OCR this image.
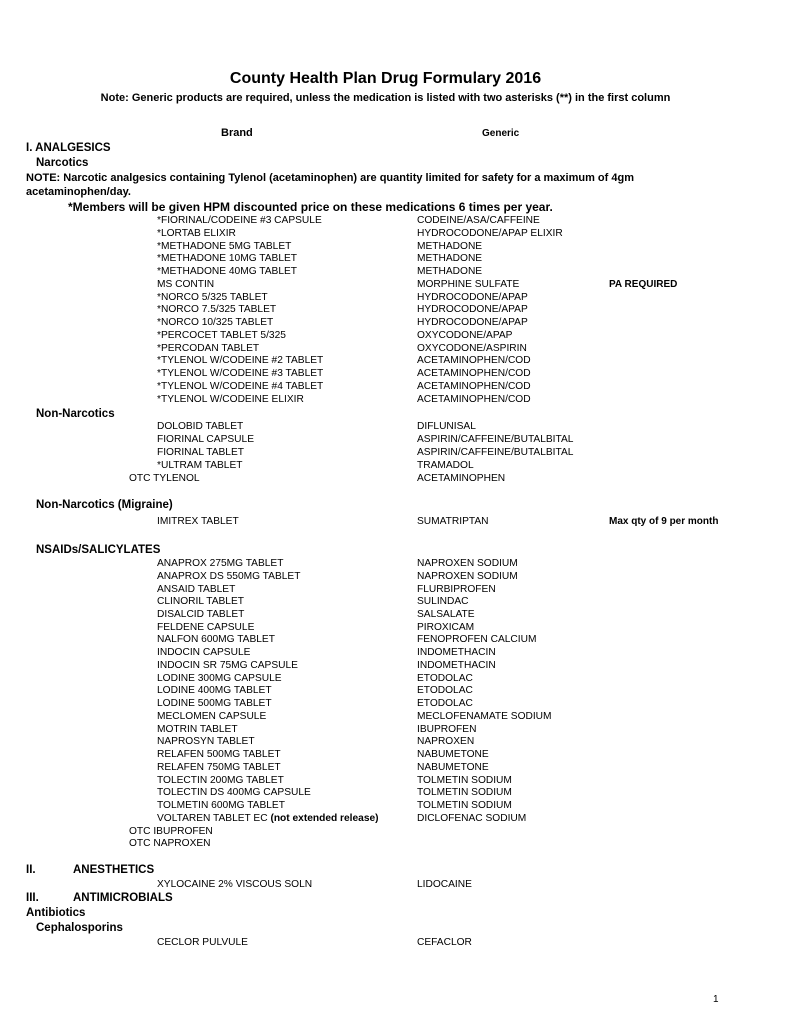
County Health Plan Drug Formulary 2016
Note: Generic products are required, unless the medication is listed with two asterisks (**) in the first column
Brand	Generic
I. ANALGESICS
Narcotics
NOTE: Narcotic analgesics containing Tylenol (acetaminophen) are quantity limited for safety for a maximum of 4gm acetaminophen/day.
*Members will be given HPM discounted price on these medications 6 times per year.
*FIORINAL/CODEINE #3 CAPSULE	CODEINE/ASA/CAFFEINE
*LORTAB ELIXIR	HYDROCODONE/APAP ELIXIR
*METHADONE 5MG TABLET	METHADONE
*METHADONE 10MG TABLET	METHADONE
*METHADONE 40MG TABLET	METHADONE
MS CONTIN	MORPHINE SULFATE	PA REQUIRED
*NORCO 5/325 TABLET	HYDROCODONE/APAP
*NORCO 7.5/325 TABLET	HYDROCODONE/APAP
*NORCO 10/325 TABLET	HYDROCODONE/APAP
*PERCOCET TABLET 5/325	OXYCODONE/APAP
*PERCODAN TABLET	OXYCODONE/ASPIRIN
*TYLENOL W/CODEINE #2 TABLET	ACETAMINOPHEN/COD
*TYLENOL W/CODEINE #3 TABLET	ACETAMINOPHEN/COD
*TYLENOL W/CODEINE #4 TABLET	ACETAMINOPHEN/COD
*TYLENOL W/CODEINE ELIXIR	ACETAMINOPHEN/COD
Non-Narcotics
DOLOBID TABLET	DIFLUNISAL
FIORINAL CAPSULE	ASPIRIN/CAFFEINE/BUTALBITAL
FIORINAL TABLET	ASPIRIN/CAFFEINE/BUTALBITAL
*ULTRAM TABLET	TRAMADOL
OTC TYLENOL	ACETAMINOPHEN
Non-Narcotics (Migraine)
IMITREX TABLET	SUMATRIPTAN	Max qty of 9 per month
NSAIDs/SALICYLATES
ANAPROX 275MG TABLET	NAPROXEN SODIUM
ANAPROX DS 550MG TABLET	NAPROXEN SODIUM
ANSAID TABLET	FLURBIPROFEN
CLINORIL TABLET	SULINDAC
DISALCID TABLET	SALSALATE
FELDENE CAPSULE	PIROXICAM
NALFON 600MG TABLET	FENOPROFEN CALCIUM
INDOCIN CAPSULE	INDOMETHACIN
INDOCIN SR 75MG CAPSULE	INDOMETHACIN
LODINE 300MG CAPSULE	ETODOLAC
LODINE 400MG TABLET	ETODOLAC
LODINE 500MG TABLET	ETODOLAC
MECLOMEN CAPSULE	MECLOFENAMATE SODIUM
MOTRIN TABLET	IBUPROFEN
NAPROSYN TABLET	NAPROXEN
RELAFEN 500MG TABLET	NABUMETONE
RELAFEN 750MG TABLET	NABUMETONE
TOLECTIN 200MG TABLET	TOLMETIN SODIUM
TOLECTIN DS 400MG CAPSULE	TOLMETIN SODIUM
TOLMETIN 600MG TABLET	TOLMETIN SODIUM
VOLTAREN TABLET EC (not extended release)	DICLOFENAC SODIUM
OTC IBUPROFEN
OTC NAPROXEN
II.	ANESTHETICS
XYLOCAINE 2% VISCOUS SOLN	LIDOCAINE
III.	ANTIMICROBIALS
Antibiotics
Cephalosporins
CECLOR PULVULE	CEFACLOR
1
